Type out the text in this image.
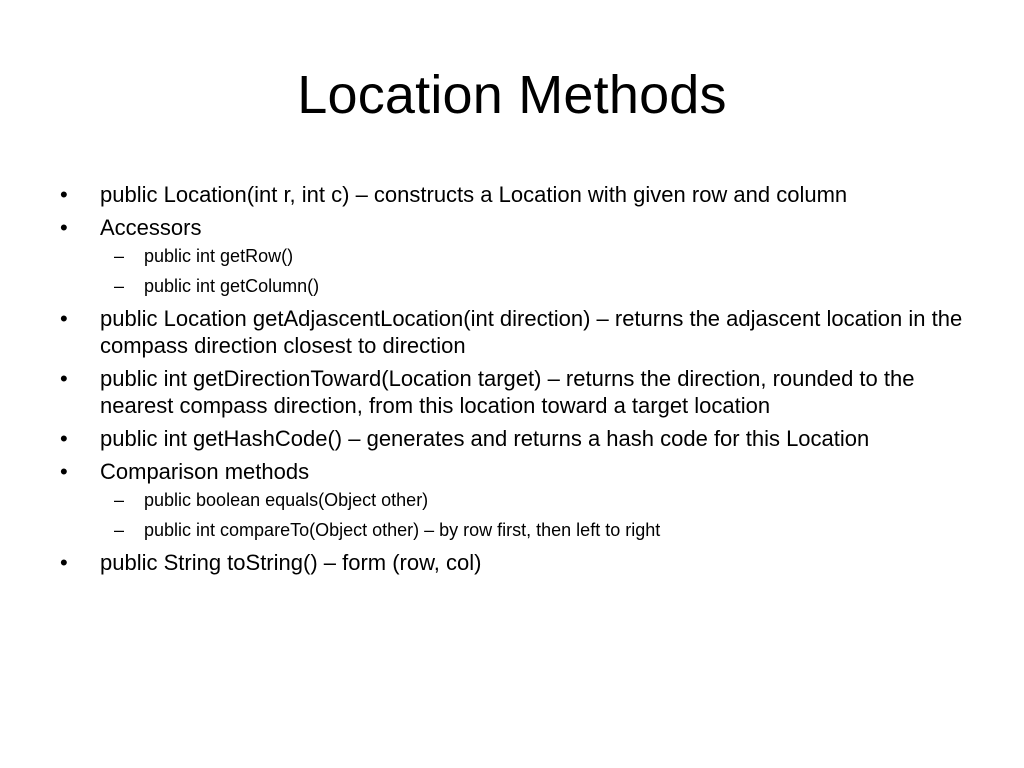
Location Methods
•	public Location(int r, int c) – constructs a Location with given row and column
•	Accessors
– public int getRow()
– public int getColumn()
•	public Location getAdjascentLocation(int direction) – returns the adjascent location in the compass direction closest to direction
•	public int getDirectionToward(Location target) – returns the direction, rounded to the nearest compass direction, from this location toward a target location
•	public int getHashCode() – generates and returns a hash code for this Location
•	Comparison methods
– public boolean equals(Object other)
– public int compareTo(Object other) – by row first, then left to right
•	public String toString() – form (row, col)
